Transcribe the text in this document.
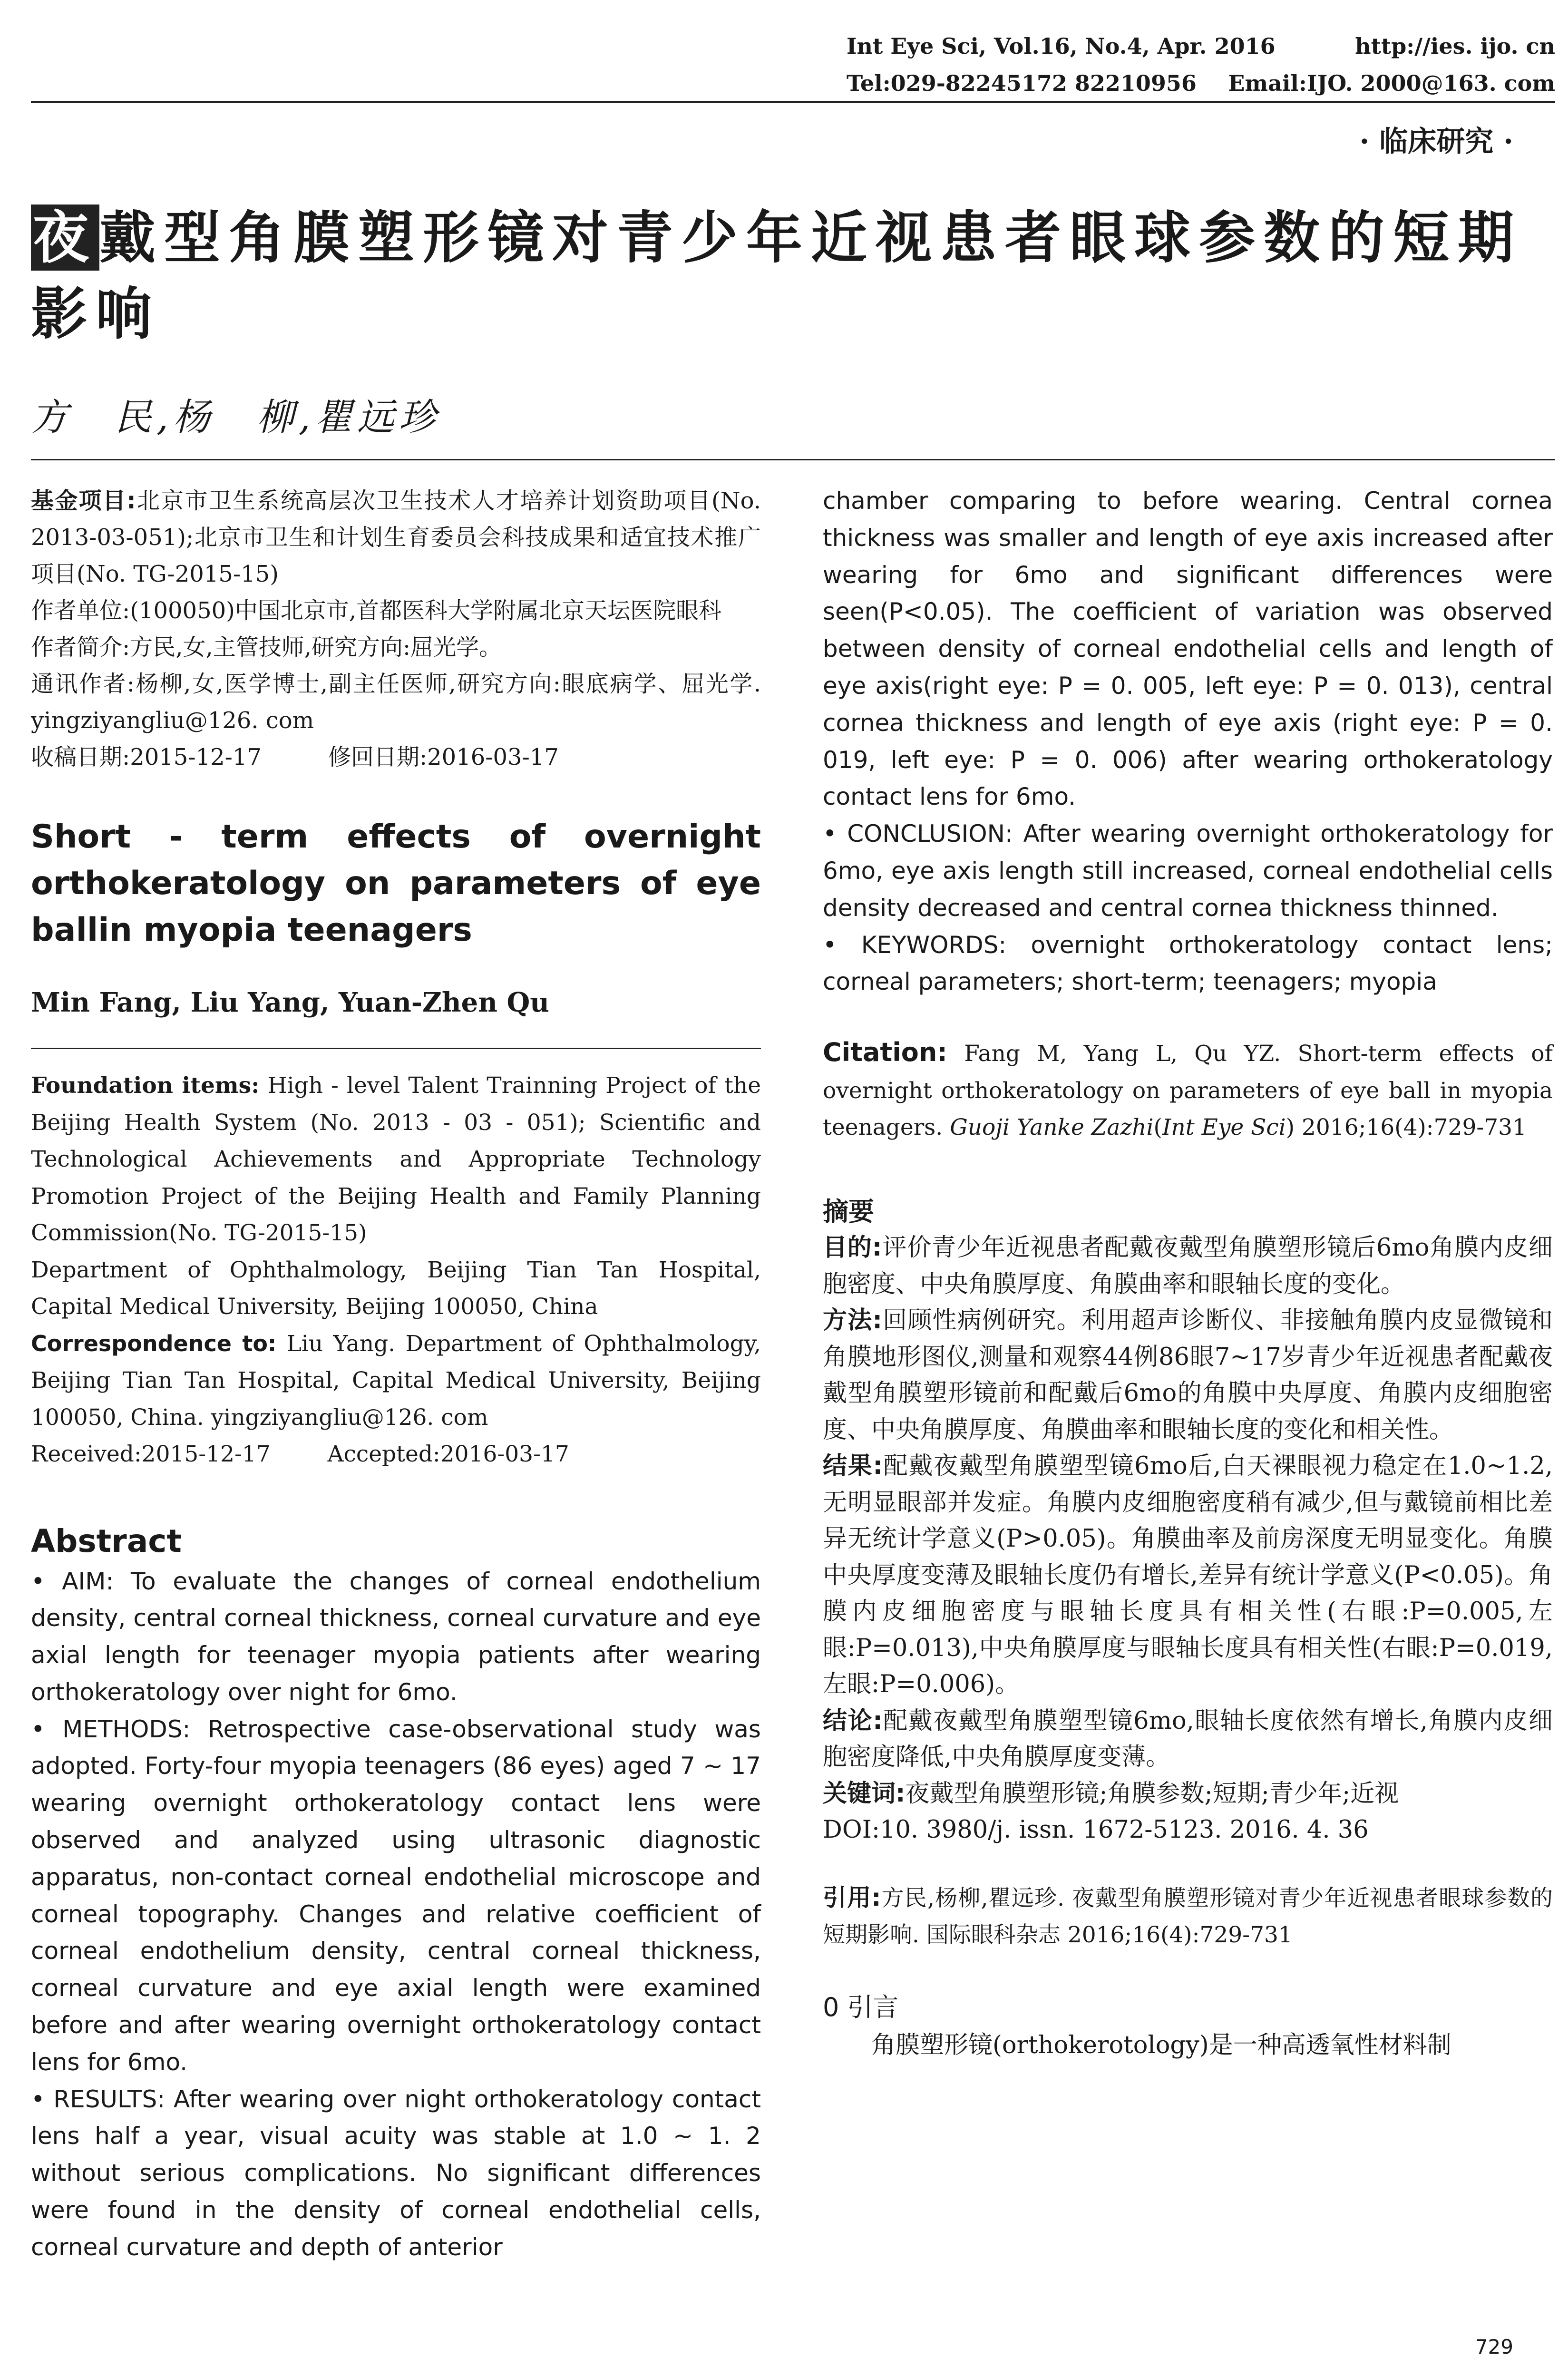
Int Eye Sci, Vol.16, No.4, Apr. 2016	http://ies. ijo. cn
Tel:029-82245172 82210956 Email:IJO. 2000@163. com
· 临床研究 ·
夜戴型角膜塑形镜对青少年近视患者眼球参数的短期影响
方　民,杨　柳,瞿远珍

基金项目:北京市卫生系统高层次卫生技术人才培养计划资助项目(No. 2013-03-051);北京市卫生和计划生育委员会科技成果和适宜技术推广项目(No. TG-2015-15)

作者单位:(100050)中国北京市,首都医科大学附属北京天坛医院眼科

作者简介:方民,女,主管技师,研究方向:屈光学。

通讯作者:杨柳,女,医学博士,副主任医师,研究方向:眼底病学、屈光学. yingziyangliu@126. com

收稿日期:2015-12-17	修回日期:2016-03-17

Short - term effects of overnight orthokeratology on parameters of eye ballin myopia teenagers
Min Fang, Liu Yang, Yuan-Zhen Qu

Foundation items: High - level Talent Trainning Project of the Beijing Health System (No. 2013 - 03 - 051); Scientific and Technological Achievements and Appropriate Technology Promotion Project of the Beijing Health and Family Planning Commission(No. TG-2015-15)

Department of Ophthalmology, Beijing Tian Tan Hospital, Capital Medical University, Beijing 100050, China

Correspondence to: Liu Yang. Department of Ophthalmology, Beijing Tian Tan Hospital, Capital Medical University, Beijing 100050, China. yingziyangliu@126. com

Received:2015-12-17	Accepted:2016-03-17

Abstract

• AIM: To evaluate the changes of corneal endothelium density, central corneal thickness, corneal curvature and eye axial length for teenager myopia patients after wearing orthokeratology over night for 6mo.

• METHODS: Retrospective case-observational study was adopted. Forty-four myopia teenagers (86 eyes) aged 7 ~ 17 wearing overnight orthokeratology contact lens were observed and analyzed using ultrasonic diagnostic apparatus, non-contact corneal endothelial microscope and corneal topography. Changes and relative coefficient of corneal endothelium density, central corneal thickness, corneal curvature and eye axial length were examined before and after wearing overnight orthokeratology contact lens for 6mo.

• RESULTS: After wearing over night orthokeratology contact lens half a year, visual acuity was stable at 1.0 ~ 1. 2 without serious complications. No significant differences were found in the density of corneal endothelial cells, corneal curvature and depth of anterior

chamber comparing to before wearing. Central cornea thickness was smaller and length of eye axis increased after wearing for 6mo and significant differences were seen(P<0.05). The coefficient of variation was observed between density of corneal endothelial cells and length of eye axis(right eye: P = 0. 005, left eye: P = 0. 013), central cornea thickness and length of eye axis (right eye: P = 0. 019, left eye: P = 0. 006) after wearing orthokeratology contact lens for 6mo.

• CONCLUSION: After wearing overnight orthokeratology for 6mo, eye axis length still increased, corneal endothelial cells density decreased and central cornea thickness thinned.

• KEYWORDS: overnight orthokeratology contact lens; corneal parameters; short-term; teenagers; myopia

Citation: Fang M, Yang L, Qu YZ. Short-term effects of overnight orthokeratology on parameters of eye ball in myopia teenagers. Guoji Yanke Zazhi(Int Eye Sci) 2016;16(4):729-731

摘要

目的:评价青少年近视患者配戴夜戴型角膜塑形镜后6mo角膜内皮细胞密度、中央角膜厚度、角膜曲率和眼轴长度的变化。

方法:回顾性病例研究。利用超声诊断仪、非接触角膜内皮显微镜和角膜地形图仪,测量和观察44例86眼7~17岁青少年近视患者配戴夜戴型角膜塑形镜前和配戴后6mo的角膜中央厚度、角膜内皮细胞密度、中央角膜厚度、角膜曲率和眼轴长度的变化和相关性。

结果:配戴夜戴型角膜塑型镜6mo后,白天裸眼视力稳定在1.0~1.2,无明显眼部并发症。角膜内皮细胞密度稍有减少,但与戴镜前相比差异无统计学意义(P>0.05)。角膜曲率及前房深度无明显变化。角膜中央厚度变薄及眼轴长度仍有增长,差异有统计学意义(P<0.05)。角膜内皮细胞密度与眼轴长度具有相关性(右眼:P=0.005,左眼:P=0.013),中央角膜厚度与眼轴长度具有相关性(右眼:P=0.019,左眼:P=0.006)。

结论:配戴夜戴型角膜塑型镜6mo,眼轴长度依然有增长,角膜内皮细胞密度降低,中央角膜厚度变薄。

关键词:夜戴型角膜塑形镜;角膜参数;短期;青少年;近视

DOI:10. 3980/j. issn. 1672-5123. 2016. 4. 36

引用:方民,杨柳,瞿远珍. 夜戴型角膜塑形镜对青少年近视患者眼球参数的短期影响. 国际眼科杂志 2016;16(4):729-731
0 引言
角膜塑形镜(orthokerotology)是一种高透氧性材料制
729
